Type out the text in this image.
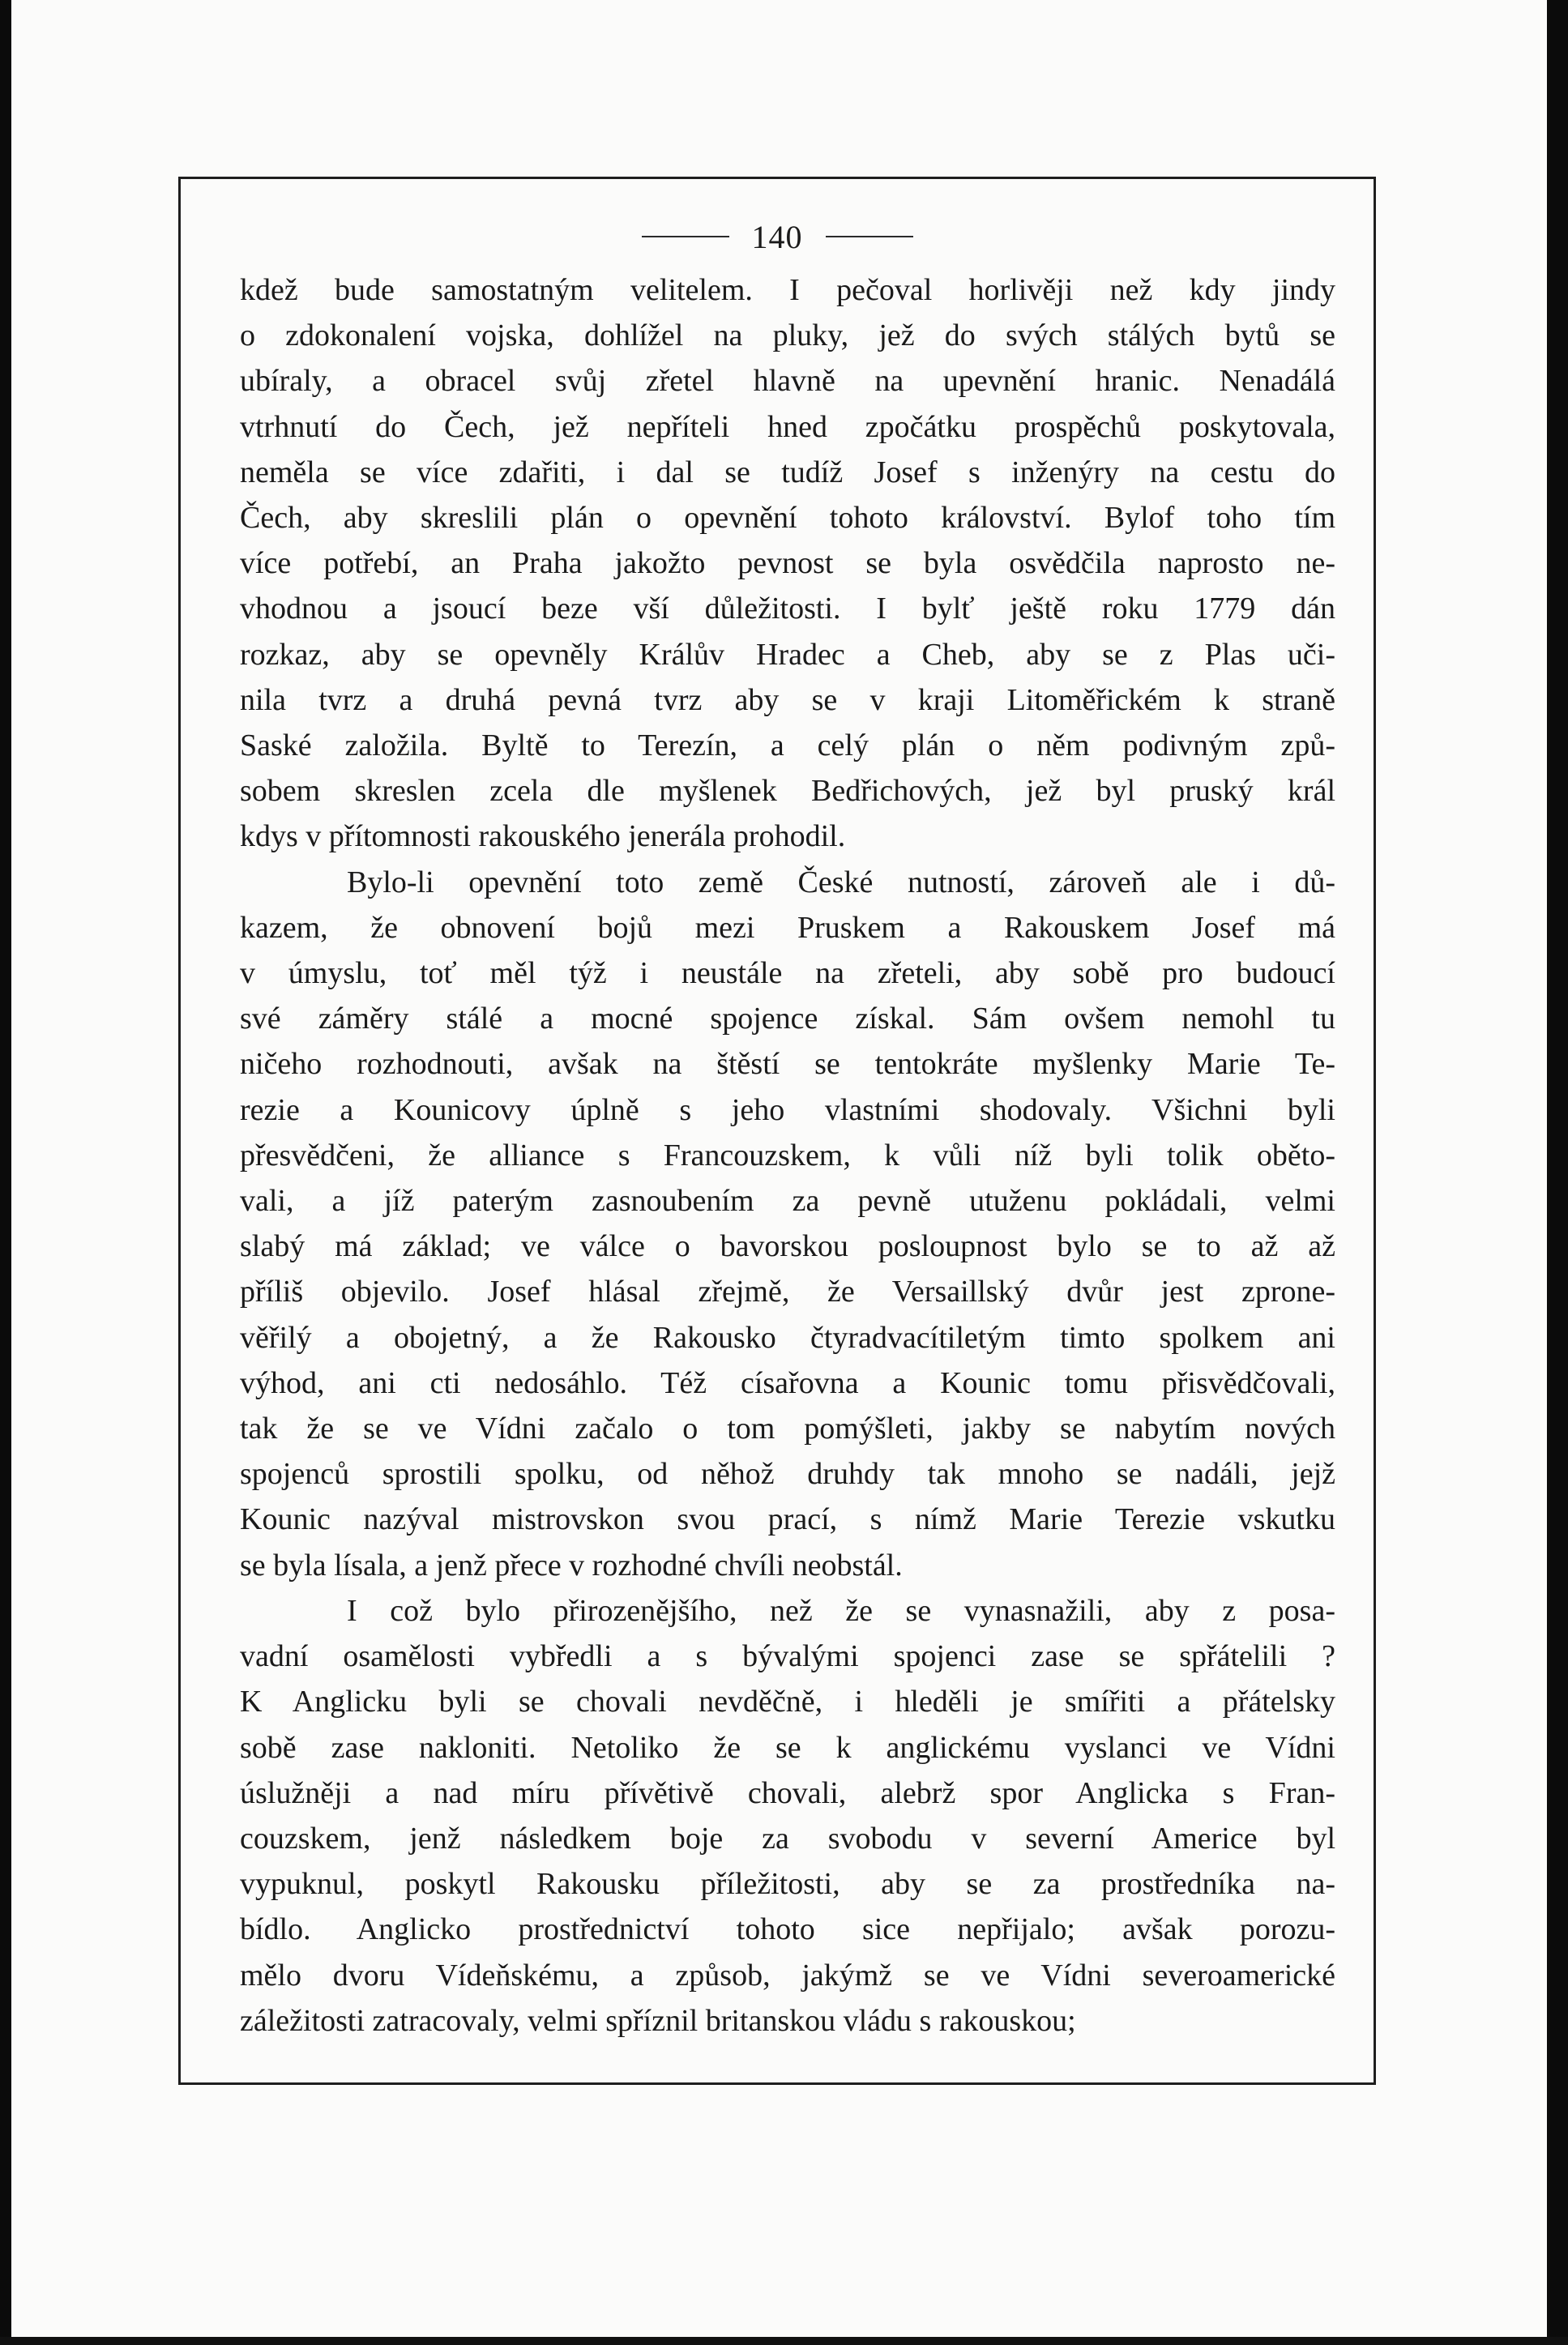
140

kdež bude samostatným velitelem. I pečoval horlivěji než kdy jindy
o zdokonalení vojska, dohlížel na pluky, jež do svých stálých bytů se
ubíraly, a obracel svůj zřetel hlavně na upevnění hranic. Nenadálá
vtrhnutí do Čech, jež nepříteli hned zpočátku prospěchů poskytovala,
neměla se více zdařiti, i dal se tudíž Josef s inženýry na cestu do
Čech, aby skreslili plán o opevnění tohoto království. Bylof toho tím
více potřebí, an Praha jakožto pevnost se byla osvědčila naprosto ne-
vhodnou a jsoucí beze vší důležitosti. I bylť ještě roku 1779 dán
rozkaz, aby se opevněly Králův Hradec a Cheb, aby se z Plas uči-
nila tvrz a druhá pevná tvrz aby se v kraji Litoměřickém k straně
Saské založila. Byltě to Terezín, a celý plán o něm podivným způ-
sobem skreslen zcela dle myšlenek Bedřichových, jež byl pruský král
kdys v přítomnosti rakouského jenerála prohodil.

Bylo-li opevnění toto země České nutností, zároveň ale i dů-
kazem, že obnovení bojů mezi Pruskem a Rakouskem Josef má
v úmyslu, toť měl týž i neustále na zřeteli, aby sobě pro budoucí
své záměry stálé a mocné spojence získal. Sám ovšem nemohl tu
ničeho rozhodnouti, avšak na štěstí se tentokráte myšlenky Marie Te-
rezie a Kounicovy úplně s jeho vlastními shodovaly. Všichni byli
přesvědčeni, že alliance s Francouzskem, k vůli níž byli tolik obětо-
vali, a jíž paterým zasnoubením za pevně utuženu pokládali, velmi
slabý má základ; ve válce o bavorskou posloupnost bylo se to až až
příliš objevilo. Josef hlásal zřejmě, že Versaillský dvůr jest zprone-
věřilý a obojetný, a že Rakousko čtyradvacítiletým timto spolkem ani
výhod, ani cti nedosáhlo. Též císařovna a Kounic tomu přisvědčovali,
tak že se ve Vídni začalo o tom pomýšleti, jakby se nabytím nových
spojenců sprostili spolku, od něhož druhdy tak mnoho se nadáli, jejž
Kounic nazýval mistrovskon svou prací, s nímž Marie Terezie vskutku
se byla lísala, a jenž přece v rozhodné chvíli neobstál.

I což bylo přirozenějšího, než že se vynasnažili, aby z posa-
vadní osamělosti vybředli a s bývalými spojenci zase se spřátelili ?
K Anglicku byli se chovali nevděčně, i hleděli je smířiti a přátelsky
sobě zase nakloniti. Netoliko že se k anglickému vyslanci ve Vídni
úslužněji a nad míru přívětivě chovali, alebrž spor Anglicka s Fran-
couzskem, jenž následkem boje za svobodu v severní Americe byl
vypuknul, poskytl Rakousku příležitosti, aby se za prostředníka na-
bídlo. Anglicko prostřednictví tohoto sice nepřijalo; avšak porozu-
mělo dvoru Vídeňskému, a způsob, jakýmž se ve Vídni severoamerické
záležitosti zatracovaly, velmi spříznil britanskou vládu s rakouskou;
